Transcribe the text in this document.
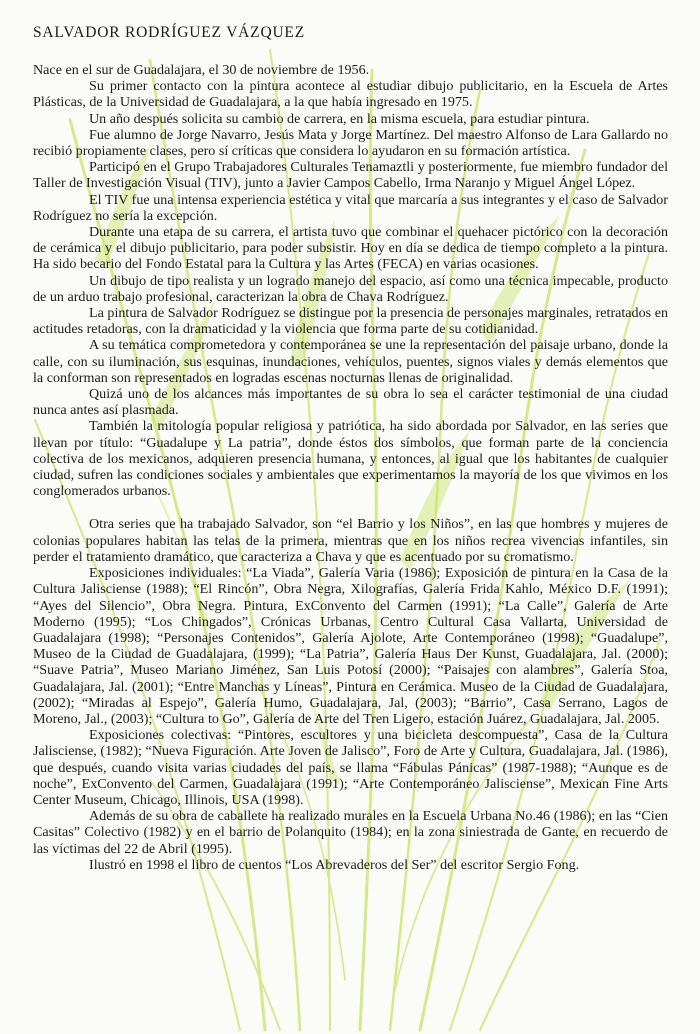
SALVADOR RODRÍGUEZ VÁZQUEZ

Nace en el sur de Guadalajara, el 30 de noviembre de 1956.

Su primer contacto con la pintura acontece al estudiar dibujo publicitario, en la Escuela de Artes Plásticas, de la Universidad de Guadalajara, a la que había ingresado en 1975.

Un año después solicita su cambio de carrera, en la misma escuela, para estudiar pintura.

Fue alumno de Jorge Navarro, Jesús Mata y Jorge Martínez. Del maestro Alfonso de Lara Gallardo no recibió propiamente clases, pero sí críticas que considera lo ayudaron en su formación artística.

Participó en el Grupo Trabajadores Culturales Tenamaztli y posteriormente, fue miembro fundador del Taller de Investigación Visual (TIV), junto a Javier Campos Cabello, Irma Naranjo y Miguel Ángel López.

El TIV fue una intensa experiencia estética y vital que marcaría a sus integrantes y el caso de Salvador Rodríguez no sería la excepción.

Durante una etapa de su carrera, el artista tuvo que combinar el quehacer pictórico con la decoración de cerámica y el dibujo publicitario, para poder subsistir. Hoy en día se dedica de tiempo completo a la pintura. Ha sido becario del Fondo Estatal para la Cultura y las Artes (FECA) en varias ocasiones.

Un dibujo de tipo realista y un logrado manejo del espacio, así como una técnica impecable, producto de un arduo trabajo profesional, caracterizan la obra de Chava Rodríguez.

La pintura de Salvador Rodríguez se distingue por la presencia de personajes marginales, retratados en actitudes retadoras, con la dramaticidad y la violencia que forma parte de su cotidianidad.

A su temática comprometedora y contemporánea se une la representación del paisaje urbano, donde la calle, con su iluminación, sus esquinas, inundaciones, vehículos, puentes, signos viales y demás elementos que la conforman son representados en logradas escenas nocturnas llenas de originalidad.

Quizá uno de los alcances más importantes de su obra lo sea el carácter testimonial de una ciudad nunca antes así plasmada.

También la mitología popular religiosa y patriótica, ha sido abordada por Salvador, en las series que llevan por título: “Guadalupe y La patria”, donde éstos dos símbolos, que forman parte de la conciencia colectiva de los mexicanos, adquieren presencia humana, y entonces, al igual que los habitantes de cualquier ciudad, sufren las condiciones sociales y ambientales que experimentamos la mayoría de los que vivimos en los conglomerados urbanos.

Otra series que ha trabajado Salvador, son “el Barrio y los Niños”, en las que hombres y mujeres de colonias populares habitan las telas de la primera, mientras que en los niños recrea vivencias infantiles, sin perder el tratamiento dramático, que caracteriza a Chava y que es acentuado por su cromatismo.

Exposiciones individuales: “La Viada”, Galería Varia (1986); Exposición de pintura en la Casa de la Cultura Jalisciense (1988); “El Rincón”, Obra Negra, Xilografías, Galería Frida Kahlo, México D.F. (1991); “Ayes del Silencio”, Obra Negra. Pintura, ExConvento del Carmen (1991); “La Calle”, Galería de Arte Moderno (1995); “Los Chingados”, Crónicas Urbanas, Centro Cultural Casa Vallarta, Universidad de Guadalajara (1998); “Personajes Contenidos”, Galería Ajolote, Arte Contemporáneo (1998); “Guadalupe”, Museo de la Ciudad de Guadalajara, (1999); “La Patria”, Galería Haus Der Kunst, Guadalajara, Jal. (2000); “Suave Patria”, Museo Mariano Jiménez, San Luis Potosí (2000); “Paisajes con alambres”, Galería Stoa, Guadalajara, Jal. (2001); “Entre Manchas y Líneas”, Pintura en Cerámica. Museo de la Ciudad de Guadalajara, (2002); “Miradas al Espejo”, Galería Humo, Guadalajara, Jal, (2003); “Barrio”, Casa Serrano, Lagos de Moreno, Jal., (2003); “Cultura to Go”, Galería de Arte del Tren Ligero, estación Juárez, Guadalajara, Jal. 2005.

Exposiciones colectivas: “Pintores, escultores y una bicicleta descompuesta”, Casa de la Cultura Jalisciense, (1982); “Nueva Figuración. Arte Joven de Jalisco”, Foro de Arte y Cultura, Guadalajara, Jal. (1986), que después, cuando visita varias ciudades del país, se llama “Fábulas Pánicas” (1987-1988); “Aunque es de noche”, ExConvento del Carmen, Guadalajara (1991); “Arte Contemporáneo Jalisciense”, Mexican Fine Arts Center Museum, Chicago, Illinois, USA (1998).

Además de su obra de caballete ha realizado murales en la Escuela Urbana No.46 (1986); en las “Cien Casitas” Colectivo (1982) y en el barrio de Polanquito (1984); en la zona siniestrada de Gante, en recuerdo de las víctimas del 22 de Abril (1995).

Ilustró en 1998 el libro de cuentos “Los Abrevaderos del Ser” del escritor Sergio Fong.
